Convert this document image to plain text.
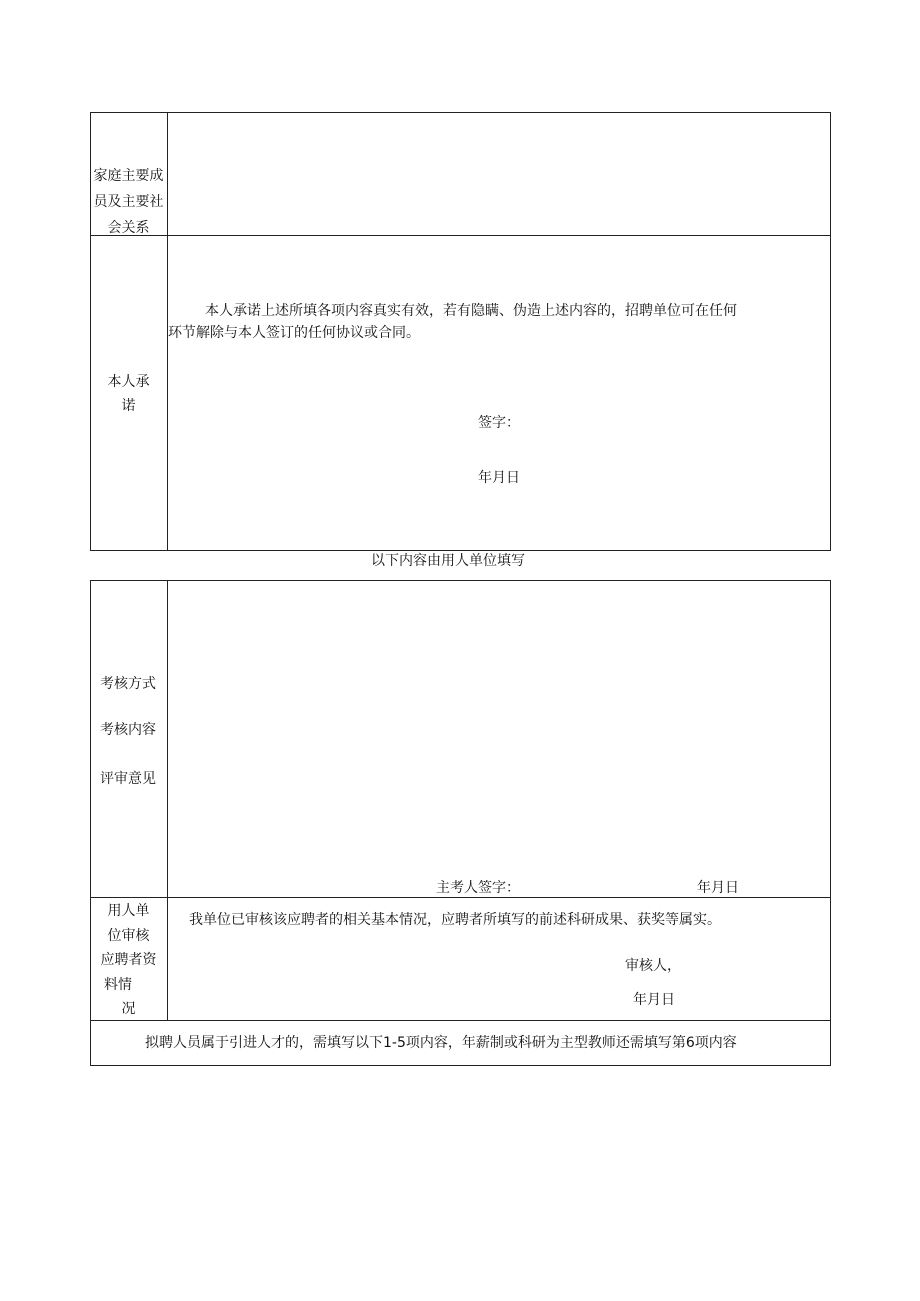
家庭主要成
员及主要社
会关系
本人承
诺
本人承诺上述所填各项内容真实有效，若有隐瞒、伪造上述内容的，招聘单位可在任何
环节解除与本人签订的任何协议或合同。
签字：
年月日
以下内容由用人单位填写
考核方式
考核内容
评审意见
主考人签字：	年月日
用人单
位审核
应聘者资
料情
况
我单位已审核该应聘者的相关基本情况，应聘者所填写的前述科研成果、获奖等属实。
审核人，
年月日
拟聘人员属于引进人才的，需填写以下1-5项内容，年薪制或科研为主型教师还需填写第6项内容
